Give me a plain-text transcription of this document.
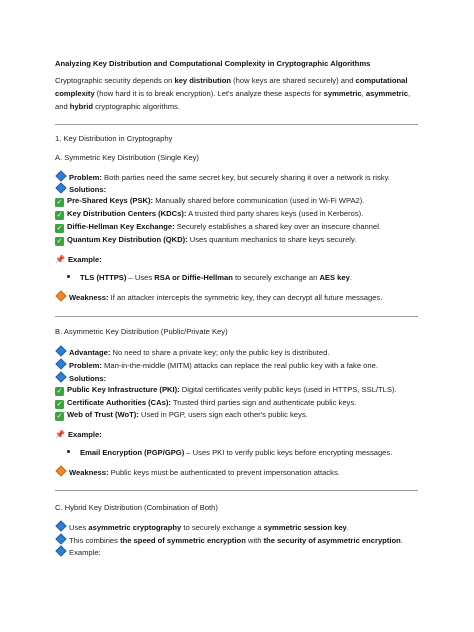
Analyzing Key Distribution and Computational Complexity in Cryptographic Algorithms
Cryptographic security depends on key distribution (how keys are shared securely) and computational complexity (how hard it is to break encryption). Let's analyze these aspects for symmetric, asymmetric, and hybrid cryptographic algorithms.
1. Key Distribution in Cryptography
A. Symmetric Key Distribution (Single Key)
Problem: Both parties need the same secret key, but securely sharing it over a network is risky.
Solutions:
✓ Pre-Shared Keys (PSK): Manually shared before communication (used in Wi-Fi WPA2).
✓ Key Distribution Centers (KDCs): A trusted third party shares keys (used in Kerberos).
✓ Diffie-Hellman Key Exchange: Securely establishes a shared key over an insecure channel.
✓ Quantum Key Distribution (QKD): Uses quantum mechanics to share keys securely.
📌 Example:
TLS (HTTPS) – Uses RSA or Diffie-Hellman to securely exchange an AES key.
Weakness: If an attacker intercepts the symmetric key, they can decrypt all future messages.
B. Asymmetric Key Distribution (Public/Private Key)
Advantage: No need to share a private key; only the public key is distributed.
Problem: Man-in-the-middle (MITM) attacks can replace the real public key with a fake one.
Solutions:
✓ Public Key Infrastructure (PKI): Digital certificates verify public keys (used in HTTPS, SSL/TLS).
✓ Certificate Authorities (CAs): Trusted third parties sign and authenticate public keys.
✓ Web of Trust (WoT): Used in PGP, users sign each other's public keys.
📌 Example:
Email Encryption (PGP/GPG) – Uses PKI to verify public keys before encrypting messages.
Weakness: Public keys must be authenticated to prevent impersonation attacks.
C. Hybrid Key Distribution (Combination of Both)
Uses asymmetric cryptography to securely exchange a symmetric session key.
This combines the speed of symmetric encryption with the security of asymmetric encryption.
Example:
